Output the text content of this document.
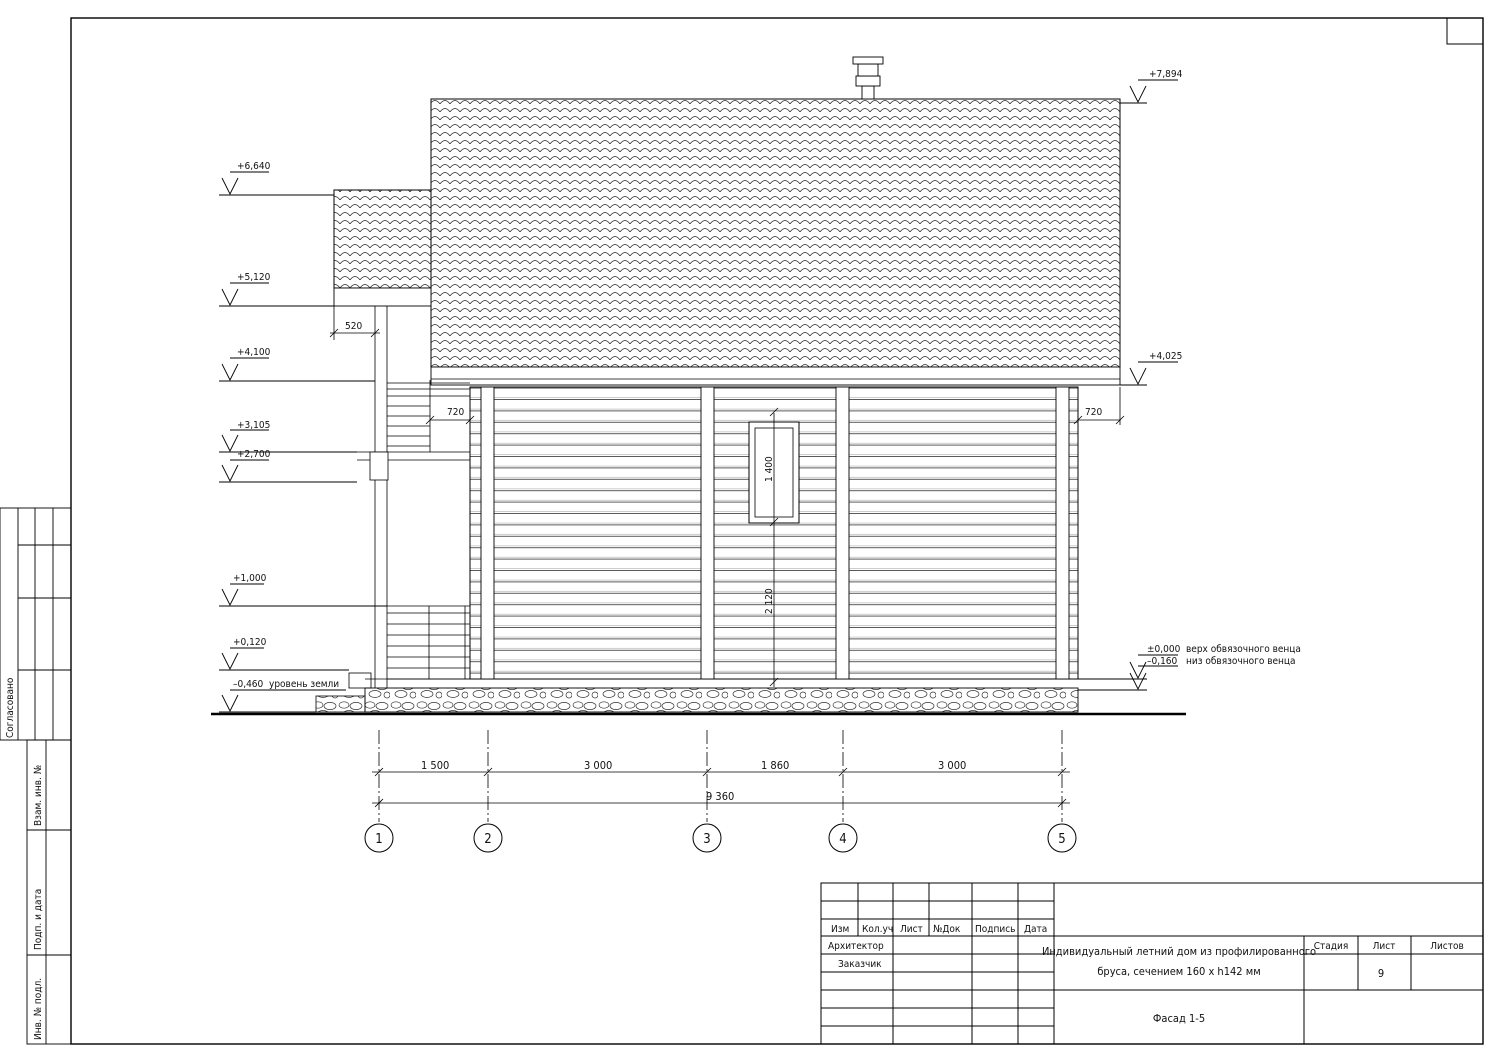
Согласовано
Взам. инв. №
Подп. и дата
Инв. № подл.
+6,640
+5,120
+4,100
+3,105
+2,700
+1,000
+0,120
–0,460 уровень земли
+7,894
+4,025
±0,000
–0,160
верх обвязочного венца
низ обвязочного венца
520
720	720
1 400
2 120
1 500	3 000	1 860	3 000
9 360
1	2	3	4	5
Изм Кол.уч Лист №Док Подпись Дата
Архитектор
Заказчик
Индивидуальный летний дом из профилированного
бруса, сечением 160 х h142 мм
Стадия Лист	Листов
9
Фасад 1-5
